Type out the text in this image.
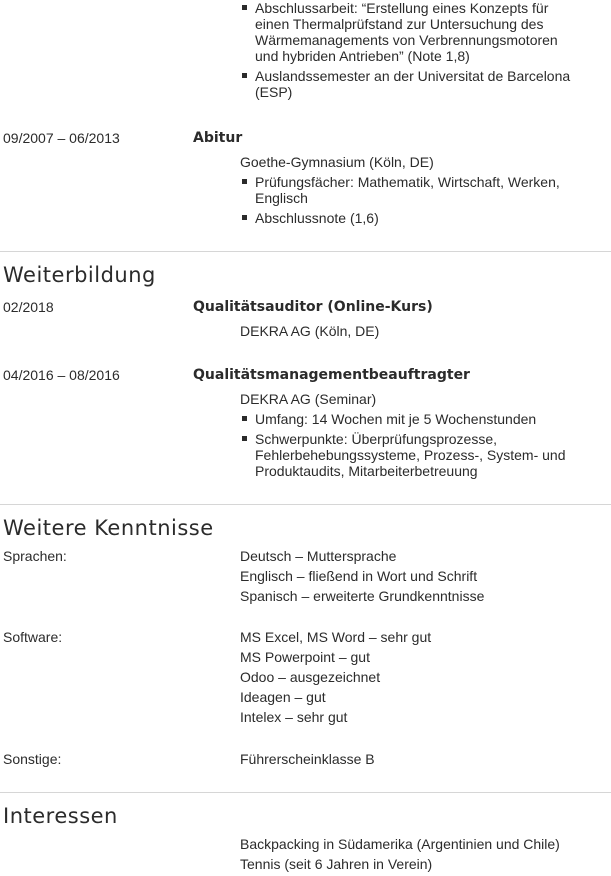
Abschlussarbeit: “Erstellung eines Konzepts für einen Thermalprüfstand zur Untersuchung des Wärmemanagements von Verbrennungsmotoren und hybriden Antrieben” (Note 1,8)
Auslandssemester an der Universitat de Barcelona (ESP)
09/2007 – 06/2013	Abitur
Goethe-Gymnasium (Köln, DE)
Prüfungsfächer: Mathematik, Wirtschaft, Werken, Englisch
Abschlussnote (1,6)
Weiterbildung
02/2018	Qualitätsauditor (Online-Kurs)
DEKRA AG (Köln, DE)
04/2016 – 08/2016	Qualitätsmanagementbeauftragter
DEKRA AG (Seminar)
Umfang: 14 Wochen mit je 5 Wochenstunden
Schwerpunkte: Überprüfungsprozesse, Fehlerbehebungssysteme, Prozess-, System- und Produktaudits, Mitarbeiterbetreuung
Weitere Kenntnisse
Sprachen:	Deutsch – Muttersprache
Englisch – fließend in Wort und Schrift
Spanisch – erweiterte Grundkenntnisse
Software:	MS Excel, MS Word – sehr gut
MS Powerpoint – gut
Odoo – ausgezeichnet
Ideagen – gut
Intelex – sehr gut
Sonstige:	Führerscheinklasse B
Interessen
Backpacking in Südamerika (Argentinien und Chile)
Tennis (seit 6 Jahren in Verein)
